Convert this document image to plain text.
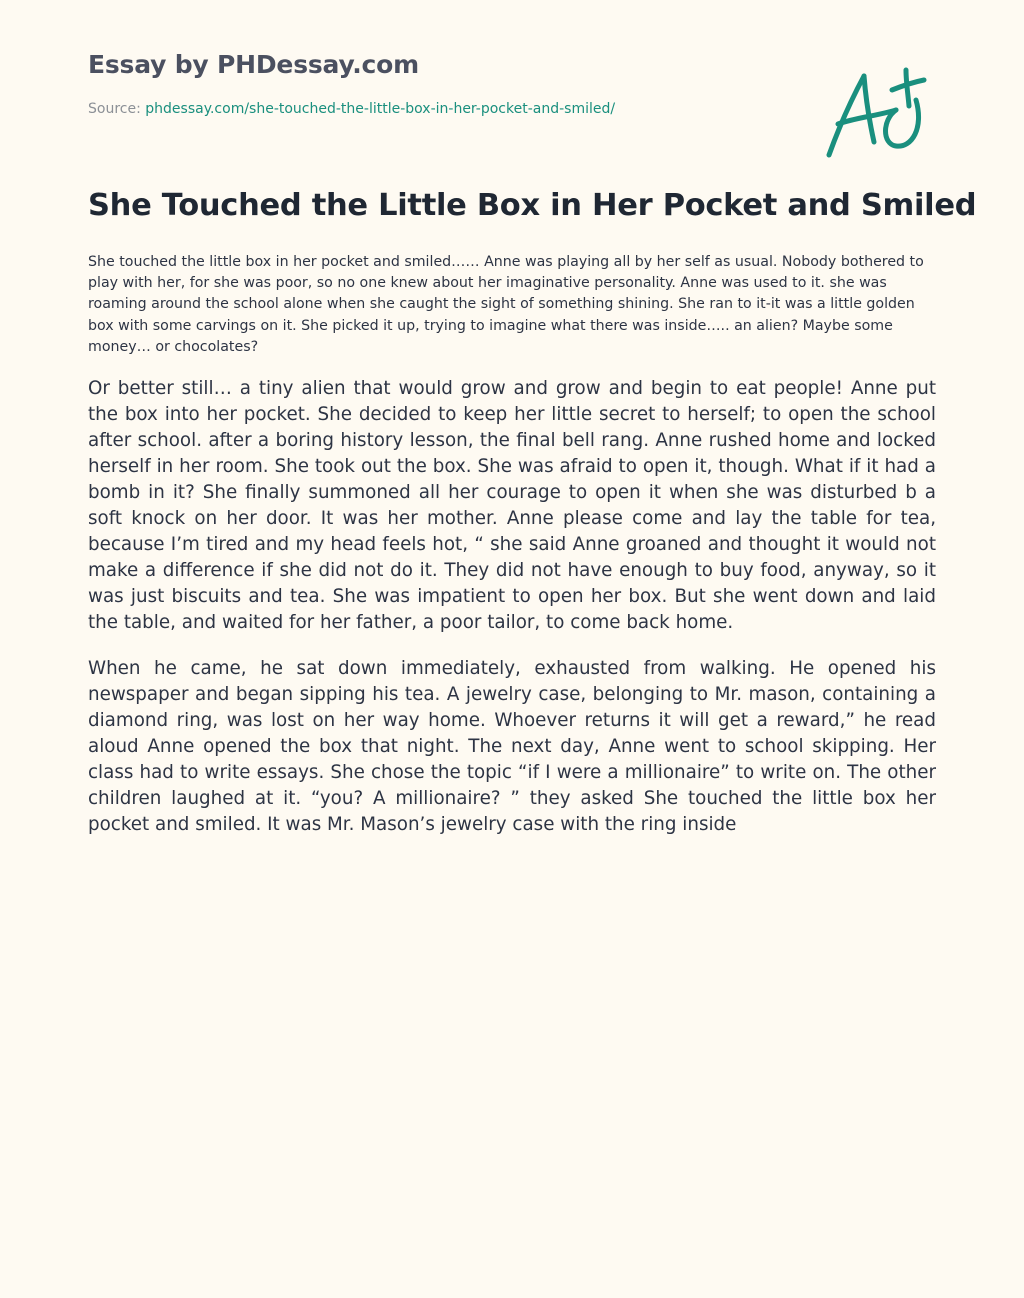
Essay by PHDessay.com
Source: phdessay.com/she-touched-the-little-box-in-her-pocket-and-smiled/
She Touched the Little Box in Her Pocket and Smiled

She touched the little box in her pocket and smiled…… Anne was playing all by her self as usual. Nobody bothered to play with her, for she was poor, so no one knew about her imaginative personality. Anne was used to it. she was roaming around the school alone when she caught the sight of something shining. She ran to it-it was a little golden box with some carvings on it. She picked it up, trying to imagine what there was inside….. an alien? Maybe some money… or chocolates?

Or better still… a tiny alien that would grow and grow and begin to eat people! Anne put the box into her pocket. She decided to keep her little secret to herself; to open the school after school. after a boring history lesson, the final bell rang. Anne rushed home and locked herself in her room. She took out the box. She was afraid to open it, though. What if it had a bomb in it? She finally summoned all her courage to open it when she was disturbed b a soft knock on her door. It was her mother. Anne please come and lay the table for tea, because I’m tired and my head feels hot, “ she said Anne groaned and thought it would not make a difference if she did not do it. They did not have enough to buy food, anyway, so it was just biscuits and tea. She was impatient to open her box. But she went down and laid the table, and waited for her father, a poor tailor, to come back home.

When he came, he sat down immediately, exhausted from walking. He opened his newspaper and began sipping his tea. A jewelry case, belonging to Mr. mason, containing a diamond ring, was lost on her way home. Whoever returns it will get a reward,” he read aloud Anne opened the box that night. The next day, Anne went to school skipping. Her class had to write essays. She chose the topic “if I were a millionaire” to write on. The other children laughed at it. “you? A millionaire? ” they asked She touched the little box her pocket and smiled. It was Mr. Mason’s jewelry case with the ring inside
